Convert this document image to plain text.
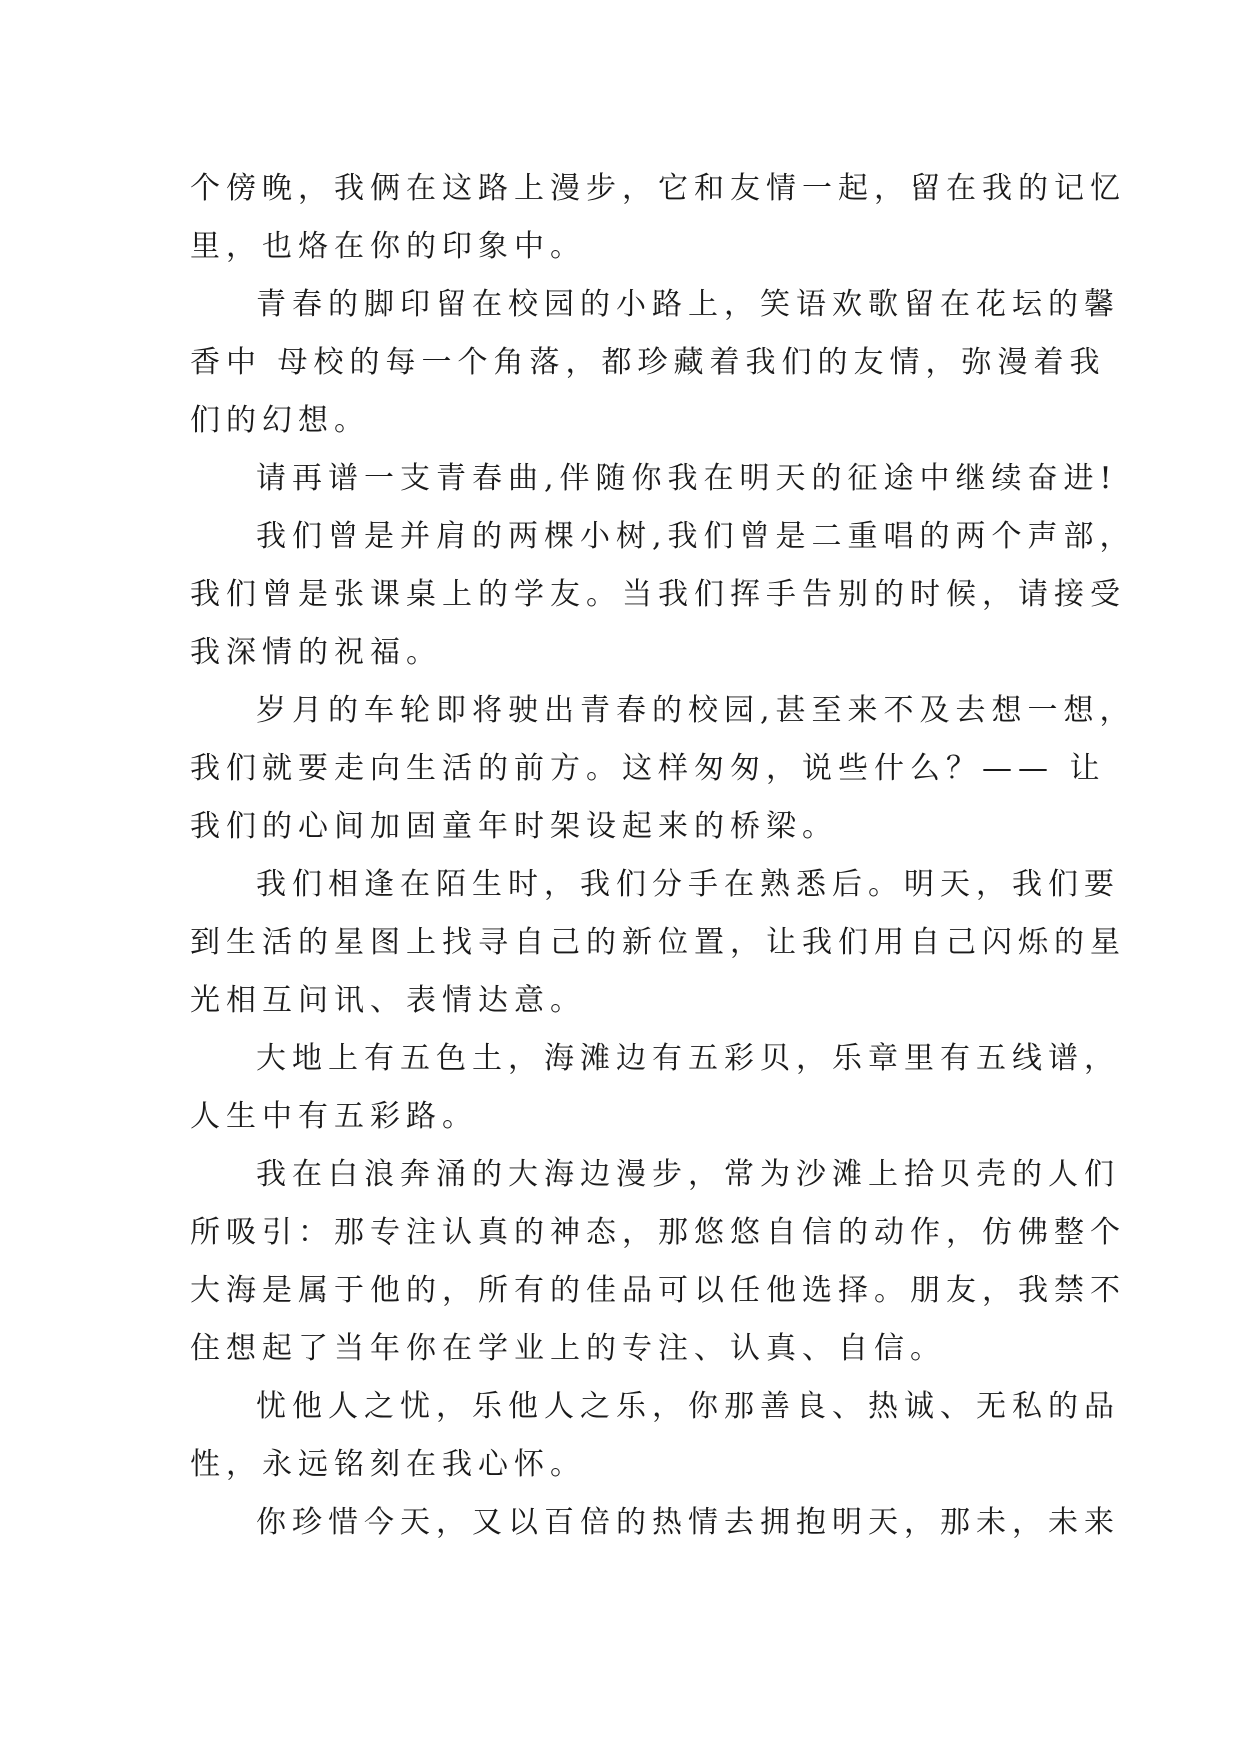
个傍晚，我俩在这路上漫步，它和友情一起，留在我的记忆
里，也烙在你的印象中。
青春的脚印留在校园的小路上，笑语欢歌留在花坛的馨
香中 母校的每一个角落，都珍藏着我们的友情，弥漫着我
们的幻想。
请再谱一支青春曲,伴随你我在明天的征途中继续奋进!
我们曾是并肩的两棵小树,我们曾是二重唱的两个声部，
我们曾是张课桌上的学友。当我们挥手告别的时候，请接受
我深情的祝福。
岁月的车轮即将驶出青春的校园,甚至来不及去想一想，
我们就要走向生活的前方。这样匆匆，说些什么？—— 让
我们的心间加固童年时架设起来的桥梁。
我们相逢在陌生时，我们分手在熟悉后。明天，我们要
到生活的星图上找寻自己的新位置，让我们用自己闪烁的星
光相互问讯、表情达意。
大地上有五色土，海滩边有五彩贝，乐章里有五线谱，
人生中有五彩路。
我在白浪奔涌的大海边漫步，常为沙滩上拾贝壳的人们
所吸引：那专注认真的神态，那悠悠自信的动作，仿佛整个
大海是属于他的，所有的佳品可以任他选择。朋友，我禁不
住想起了当年你在学业上的专注、认真、自信。
忧他人之忧，乐他人之乐，你那善良、热诚、无私的品
性，永远铭刻在我心怀。
你珍惜今天，又以百倍的热情去拥抱明天，那未，未来
